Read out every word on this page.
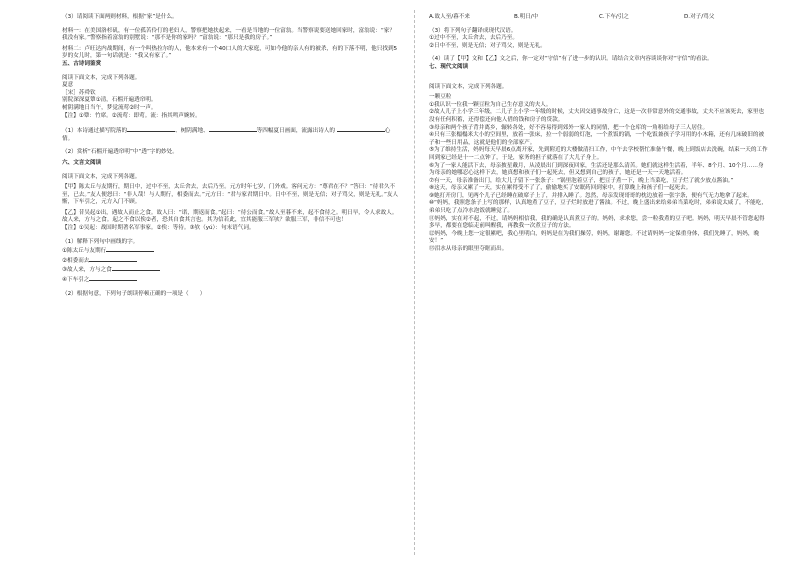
（3）请阅读下面两则材料，根据“家”是什么。

材料一：在美国洛杉矶，有一位孤苦伶仃的老妇人，警察把她扶起来，一看是当地的一位富翁。当警察说要送她回家时，富翁说：“家？我没有家。”警察指着富翁的别墅说：“那不是你的家吗？”富翁说：“那只是我的房子。”

材料二：卢旺达内战期间，有一个叫热拉尔的人，他本来有一个40口人的大家庭，可如今他的亲人有的被杀，有的下落不明，他只找到5岁的女儿时，第一句话就是：“我又有家了。”

五、古诗词鉴赏

阅读下面文本，完成下列各题。

夏意

［宋］苏舜钦

别院深深夏簟①清，石榴开遍透帘明。

树阴满地日当午，梦觉流莺②时一声。

【注】①簟：竹席。②流莺：即莺。流：指其鸣声婉转。

（1）本诗通过描写院落的	、树阴满地、	等四幅夏日画面，流露出诗人的	心情。

（2）赏析“石榴开遍透帘明”中“透”字的妙处。

六、文言文阅读

阅读下面文本，完成下列各题。

【甲】陈太丘与友期行，期日中，过中不至，太丘舍去，去后乃至。元方时年七岁，门外戏。客问元方：“尊君在不？”答曰：“待君久不至，已去。”友人便怒曰：“非人哉！与人期行，相委而去。”元方曰：“君与家君期日中。日中不至，则是无信；对子骂父，则是无礼。”友人惭，下车引之，元方入门不顾。

【乙】昔吴起①出，遇故人而止之食。故人曰：“诺，期返而食。”起曰：“待公而食。”故人至暮不来，起不食待之。明日早，令人求故人。故人来，方与之食。起之不食以俟②者，恐其自食其言也。其为信若此，宜其能服三军欤？欲服三军，非信不可也！

【注】①吴起：战国时期著名军事家。②俟：等待。③欤（yú）：句末语气词。

（1）解释下列句中画线的字。

①陈太丘与友期行

②相委而去

③故人来，方与之食

④下车引之

（2）根据句意，下列句子朗读停顿正确的一项是（　　）

A.故人至/暮不来	B.明日/中	C.下车/引之	D.对子/骂父

（3）将下列句子翻译成现代汉语。

①过中不至，太丘舍去，去后乃至。

②日中不至，则是无信；对子骂父，则是无礼。

（4）读了【甲】文和【乙】文之后，你一定对“守信”有了进一步的认识。请结合文章内容谈谈你对“守信”的看法。

七、现代文阅读

阅读下面文本，完成下列各题。

一颗豆粒

①我认识一位我一颗豆粒为自己生存意义的夫人。

②故人儿子上小学三年级，二儿子上小学一年级的时候，丈夫因交通事故身亡，这是一次非常意外的交通事故，丈夫不应该死去，家里也没有任何积蓄，还得偿还向他人借的钱和房子的贷款。

③母亲和两个孩子背井离乡，辗转各处，好不容易得到郊外一家人的同情，把一个仓库的一角租给母子三人居住。

④只有三张榻榻米大小的空间里，放着一张床，拉一个弱弱的灯泡，一个煮饭的锅，一个吃饭兼孩子学习用的小木箱，还有几床破旧的被子和一些日用品，这就是他们的全部家产。

⑤为了维持生活，妈妈每天早晨6点离开家，先到附近的大楼做清扫工作，中午去学校帮忙准备午餐，晚上到饭店去洗碗，结束一天的工作回到家已经是十一二点钟了，于是，家务的担子就落在了大儿子身上。

⑥为了一家人能活下去，母亲披星戴月，从凌晨出门到深夜回家，生活还是那么清苦。她们就这样生活着，半年、8个月、10个月……身为母亲的她哪忍心这样下去，她真想和孩子们一起死去，但又想到自己的孩子，她还是一天一天地活着。

⑦有一天，母亲准备出门，给大儿子留下一张条子：“锅里泡着豆子，把豆子煮一下，晚上当菜吃，豆子烂了就少放点酱油。”

⑧这天，母亲又累了一天，实在累得受不了了，偷偷地买了安眠药回到家中，打算晚上和孩子们一起死去。

⑨她打开房门，见两个儿子已经睡在破席子上了，并排入睡了。忽然，母亲发现哥哥的枕边放着一张字条，便有气无力地拿了起来。

⑩“妈妈，我照您条子上写的那样，认真地煮了豆子，豆子烂时放进了酱油。不过，晚上盛出来给弟弟当菜吃时，弟弟说太咸了，不能吃，弟弟只吃了点冷水泡饭就睡觉了。

⑪妈妈，实在对不起，不过，请妈妈相信我，我的确是认真煮豆子的。妈妈，求求您，尝一粒我煮的豆子吧。妈妈，明天早晨不管您起得多早，都要在您临走前叫醒我，再教我一次煮豆子的方法。

⑫妈妈，今晚上您一定很累吧，我心里明白，妈妈是在为我们操劳，妈妈，谢谢您。不过请妈妈一定保重身体，我们先睡了，妈妈，晚安！”

⑬泪水从母亲的眼里夺眶而出。
